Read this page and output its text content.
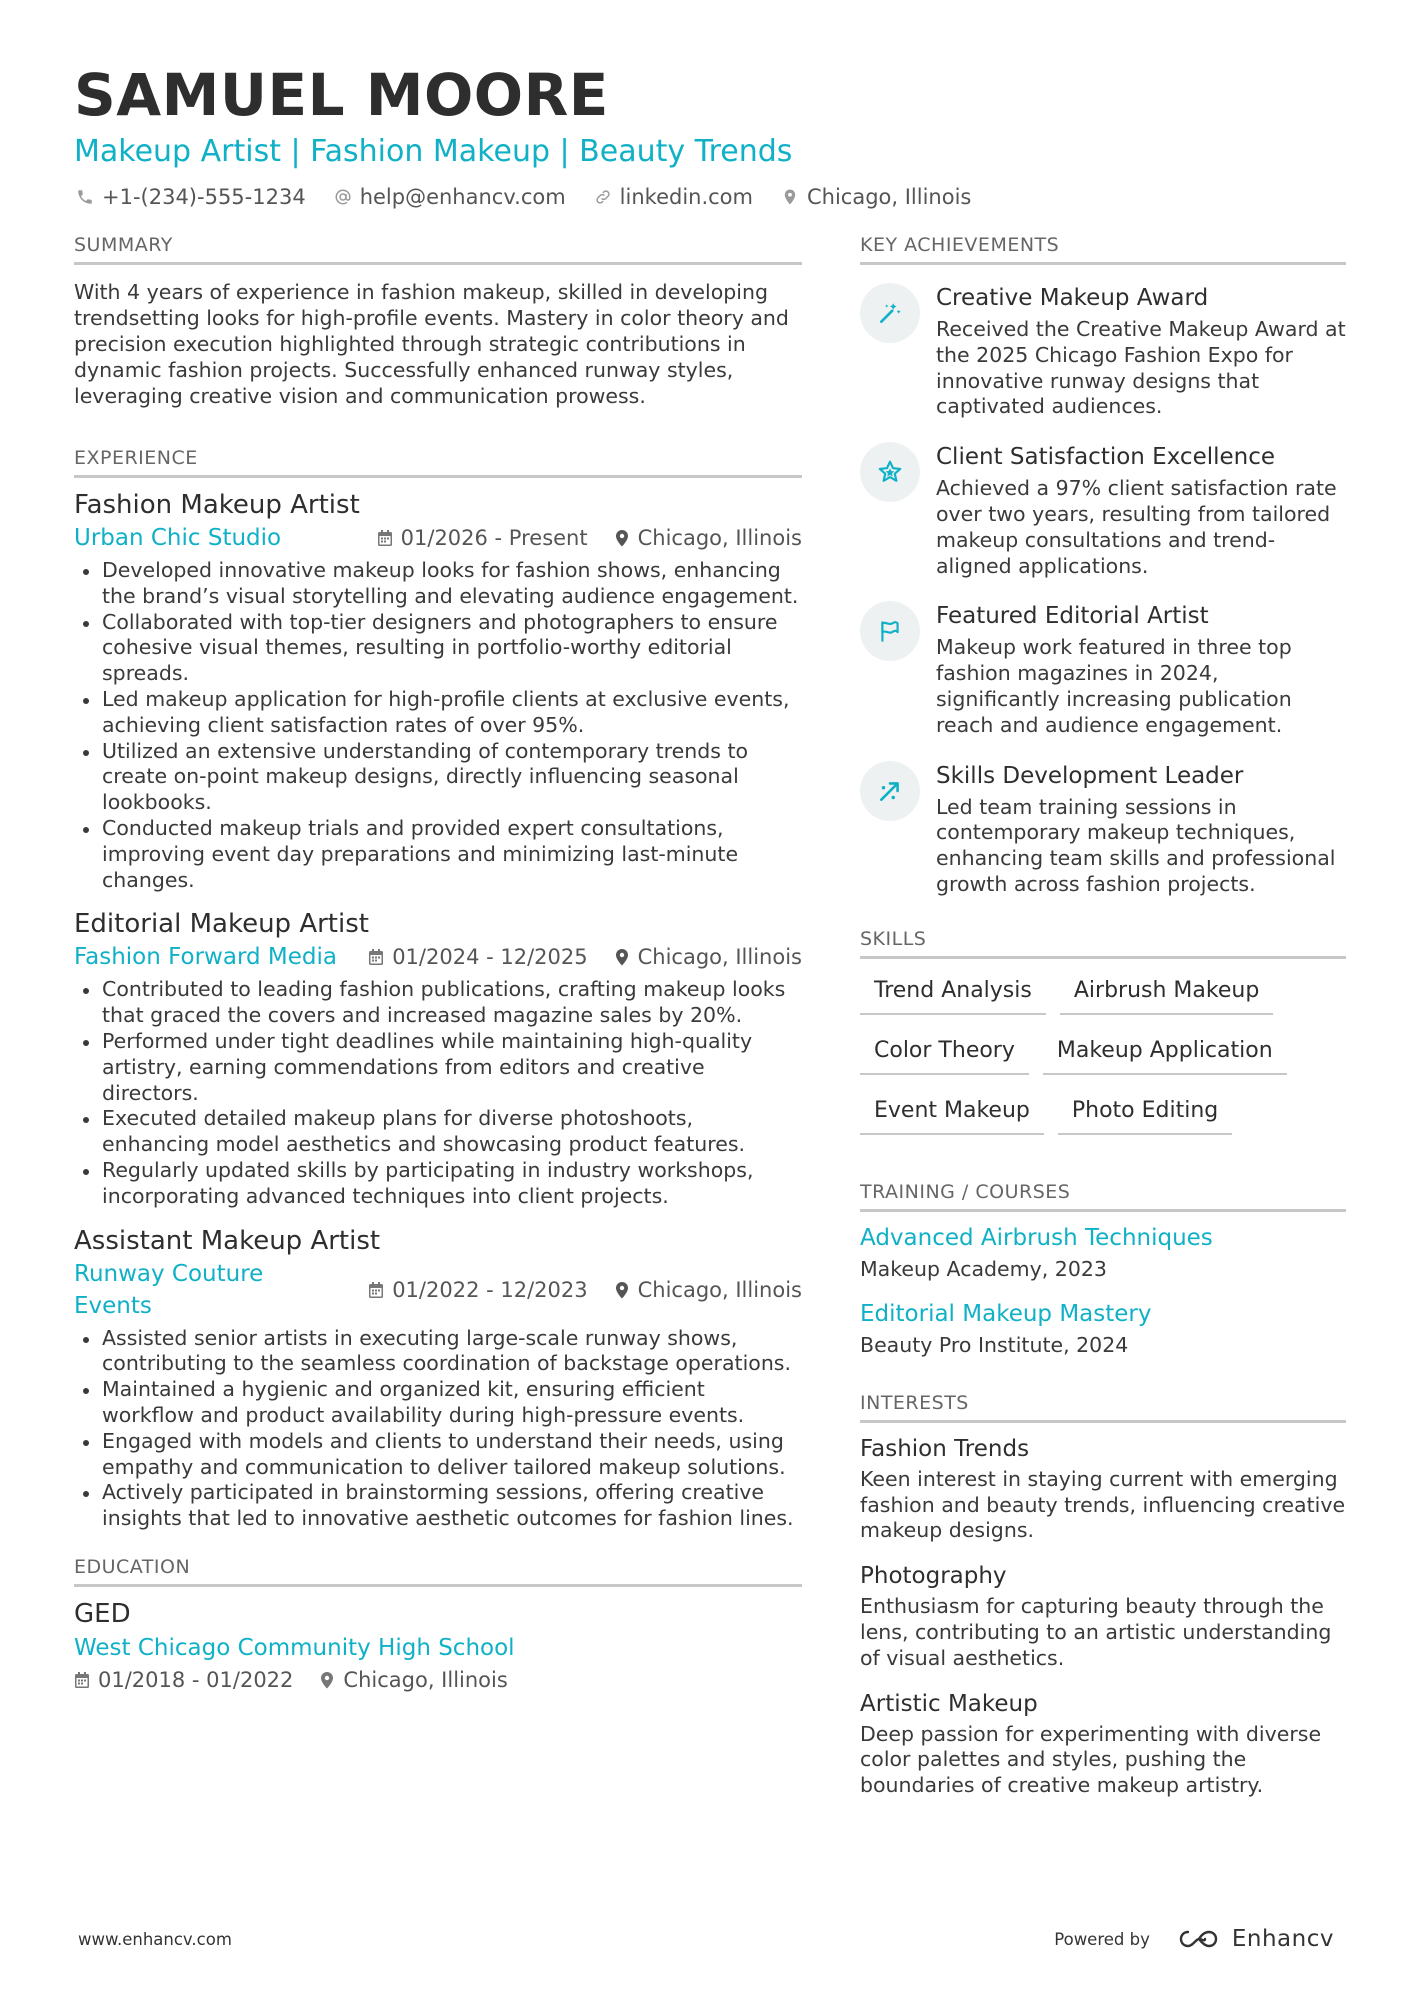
SAMUEL MOORE
Makeup Artist | Fashion Makeup | Beauty Trends
+1-(234)-555-1234	help@enhancv.com	linkedin.com	Chicago, Illinois
SUMMARY
With 4 years of experience in fashion makeup, skilled in developing trendsetting looks for high-profile events. Mastery in color theory and precision execution highlighted through strategic contributions in dynamic fashion projects. Successfully enhanced runway styles, leveraging creative vision and communication prowess.
EXPERIENCE
Fashion Makeup Artist
Urban Chic Studio	01/2026 - Present Chicago, Illinois
Developed innovative makeup looks for fashion shows, enhancing the brand’s visual storytelling and elevating audience engagement.
Collaborated with top-tier designers and photographers to ensure cohesive visual themes, resulting in portfolio-worthy editorial spreads.
Led makeup application for high-profile clients at exclusive events, achieving client satisfaction rates of over 95%.
Utilized an extensive understanding of contemporary trends to create on-point makeup designs, directly influencing seasonal lookbooks.
Conducted makeup trials and provided expert consultations, improving event day preparations and minimizing last-minute changes.
Editorial Makeup Artist
Fashion Forward Media	01/2024 - 12/2025 Chicago, Illinois
Contributed to leading fashion publications, crafting makeup looks that graced the covers and increased magazine sales by 20%.
Performed under tight deadlines while maintaining high-quality artistry, earning commendations from editors and creative directors.
Executed detailed makeup plans for diverse photoshoots, enhancing model aesthetics and showcasing product features.
Regularly updated skills by participating in industry workshops, incorporating advanced techniques into client projects.
Assistant Makeup Artist
Runway Couture Events
01/2022 - 12/2023 Chicago, Illinois
Assisted senior artists in executing large-scale runway shows, contributing to the seamless coordination of backstage operations.
Maintained a hygienic and organized kit, ensuring efficient workflow and product availability during high-pressure events.
Engaged with models and clients to understand their needs, using empathy and communication to deliver tailored makeup solutions.
Actively participated in brainstorming sessions, offering creative insights that led to innovative aesthetic outcomes for fashion lines.
EDUCATION
GED
West Chicago Community High School
01/2018 - 01/2022 Chicago, Illinois
KEY ACHIEVEMENTS
Creative Makeup Award
Received the Creative Makeup Award at the 2025 Chicago Fashion Expo for innovative runway designs that captivated audiences.
Client Satisfaction Excellence
Achieved a 97% client satisfaction rate over two years, resulting from tailored makeup consultations and trend-aligned applications.
Featured Editorial Artist
Makeup work featured in three top fashion magazines in 2024, significantly increasing publication reach and audience engagement.
Skills Development Leader
Led team training sessions in contemporary makeup techniques, enhancing team skills and professional growth across fashion projects.
SKILLS
Trend Analysis	Airbrush Makeup
Color Theory	Makeup Application
Event Makeup	Photo Editing
TRAINING / COURSES
Advanced Airbrush Techniques
Makeup Academy, 2023
Editorial Makeup Mastery
Beauty Pro Institute, 2024
INTERESTS
Fashion Trends
Keen interest in staying current with emerging fashion and beauty trends, influencing creative makeup designs.
Photography
Enthusiasm for capturing beauty through the lens, contributing to an artistic understanding of visual aesthetics.
Artistic Makeup
Deep passion for experimenting with diverse color palettes and styles, pushing the boundaries of creative makeup artistry.
www.enhancv.com	Powered by	Enhancv
